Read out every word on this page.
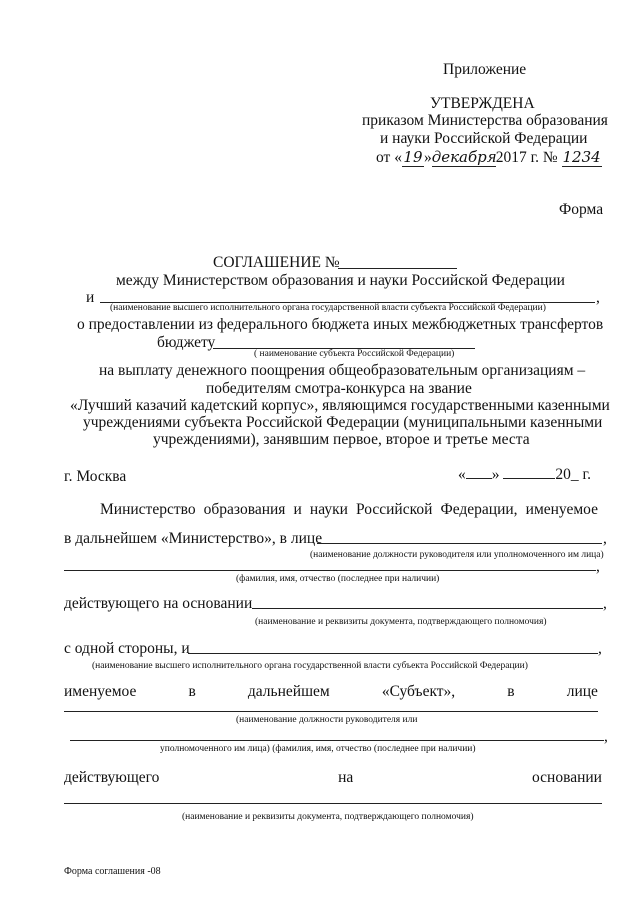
Приложение
УТВЕРЖДЕНА
приказом Министерства образования
и науки Российской Федерации
от «19»декабря2017 г. № 1234
Форма
СОГЛАШЕНИЕ №
между Министерством образования и науки Российской Федерации
и	,
(наименование высшего исполнительного органа государственной власти субъекта Российской Федерации)
о предоставлении из федерального бюджета иных межбюджетных трансфертов
бюджету
( наименование субъекта Российской Федерации)
на выплату денежного поощрения общеобразовательным организациям –
победителям смотра-конкурса на звание
«Лучший казачий кадетский корпус», являющимся государственными казенными
учреждениями субъекта Российской Федерации (муниципальными казенными
учреждениями), занявшим первое, второе и третье места
г. Москва	« »	20_ г.
Министерство образования и науки Российской Федерации, именуемое
в дальнейшем «Министерство», в лице	,
(наименование должности руководителя или уполномоченного им лица)
,
(фамилия, имя, отчество (последнее при наличии)
действующего на основании	,
(наименование и реквизиты документа, подтверждающего полномочия)
с одной стороны, и	,
(наименование высшего исполнительного органа государственной власти субъекта Российской Федерации)
именуемое	в	дальнейшем	«Субъект»,	в	лице
(наименование должности руководителя или
,
уполномоченного им лица) (фамилия, имя, отчество (последнее при наличии)
действующего	на	основании
(наименование и реквизиты документа, подтверждающего полномочия)
Форма соглашения -08
